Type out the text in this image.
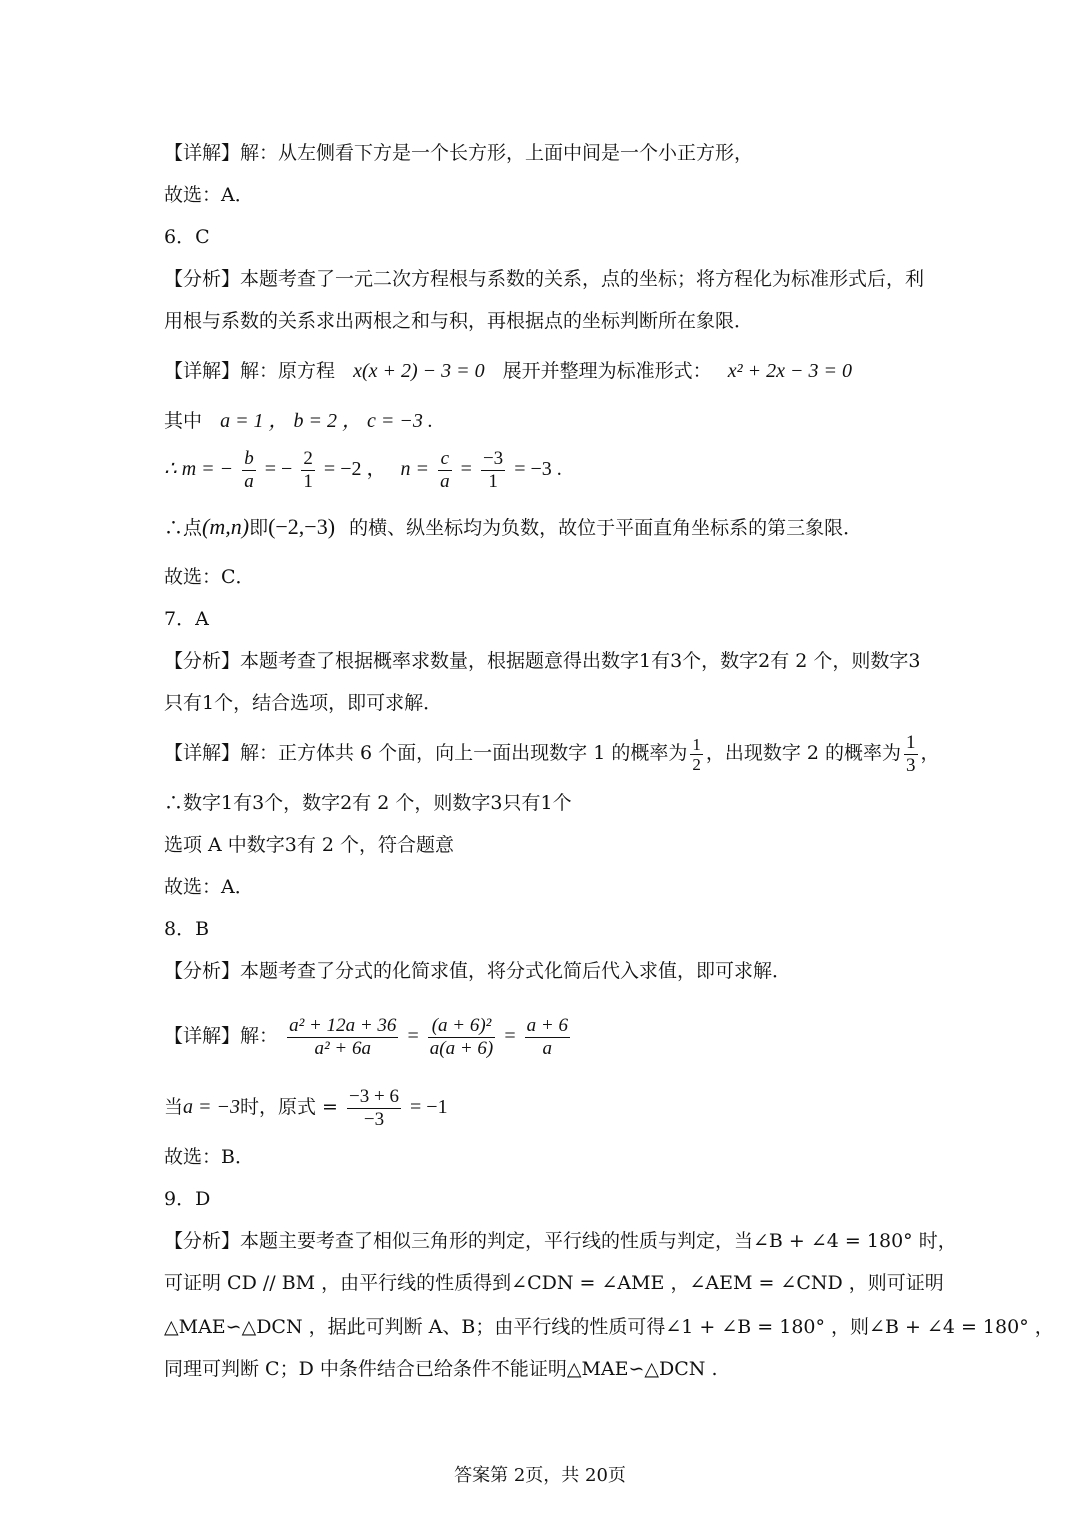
【详解】解：从左侧看下方是一个长方形，上面中间是一个小正方形，
故选：A．
6．C
【分析】本题考查了一元二次方程根与系数的关系，点的坐标；将方程化为标准形式后，利
用根与系数的关系求出两根之和与积，再根据点的坐标判断所在象限．
【详解】解：原方程 x(x + 2) − 3 = 0 展开并整理为标准形式： x² + 2x − 3 = 0
其中 a = 1 ， b = 2 ， c = −3 .
∴ m = − $\frac{b}{a}$ = − $\frac{2}{1} = -2$ ， $n = \frac{c}{a} = \frac{-3}{1} = -3$ .
∴点(m,n)即(−2,−3) 的横、纵坐标均为负数，故位于平面直角坐标系的第三象限．
故选：C．
7．A
【分析】本题考查了根据概率求数量，根据题意得出数字1有3个，数字2有 2 个，则数字3
只有1个，结合选项，即可求解．
【详解】解：正方体共 6 个面，向上一面出现数字 1 的概率为 $\frac{1}{2}$ ，出现数字 2 的概率为 $\frac{1}{3}$ ，
∴数字1有3个，数字2有 2 个，则数字3只有1个
选项 A 中数字3有 2 个，符合题意
故选：A．
8．B
【分析】本题考查了分式的化简求值，将分式化简后代入求值，即可求解．
【详解】解： $\frac{\text{a² + 12a + 36}}{\text{a² + 6a}} = \frac{\text{(a + 6)²}}{a(a + 6)} = \frac{a + 6}{a}$
当a = −3时，原式 = $\frac{-3 + 6}{-3} = -1$
故选：B．
9．D
【分析】本题主要考查了相似三角形的判定，平行线的性质与判定，当∠B + ∠4 = 180° 时，
可证明 CD // BM ，由平行线的性质得到∠CDN = ∠AME ，∠AEM = ∠CND ，则可证明
△MAE∽△DCN ，据此可判断 A、B；由平行线的性质可得∠1 + ∠B = 180° ，则∠B + ∠4 = 180° ，
同理可判断 C；D 中条件结合已给条件不能证明△MAE∽△DCN .
答案第 2页，共 20页
